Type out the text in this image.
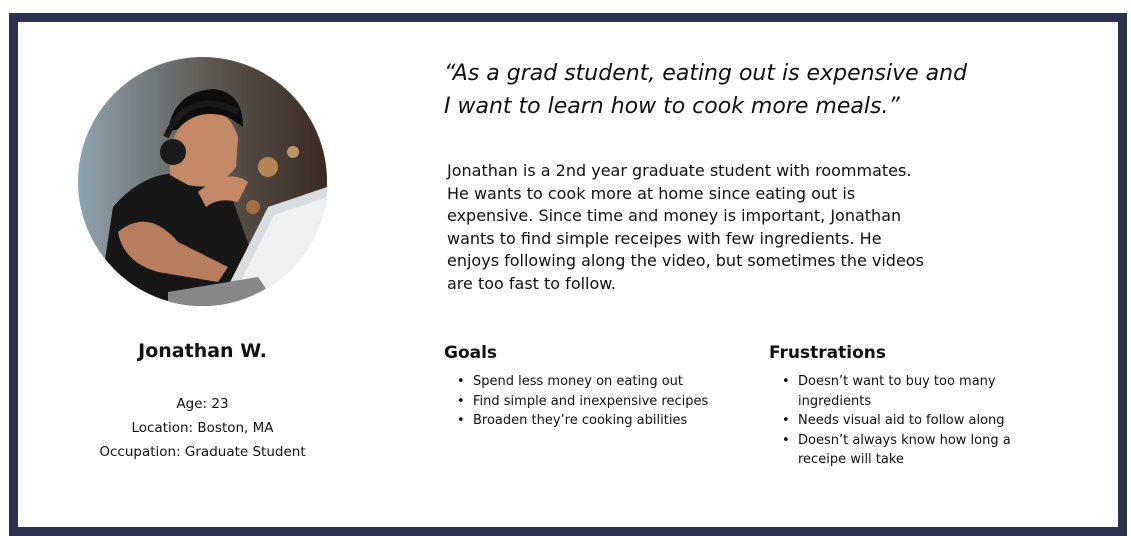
Jonathan W.
Age: 23
Location: Boston, MA
Occupation: Graduate Student

“As a grad student, eating out is expensive and
I want to learn how to cook more meals.”

Jonathan is a 2nd year graduate student with roommates.
He wants to cook more at home since eating out is
expensive. Since time and money is important, Jonathan
wants to find simple receipes with few ingredients. He
enjoys following along the video, but sometimes the videos
are too fast to follow.
Goals
• Spend less money on eating out
• Find simple and inexpensive recipes
• Broaden they’re cooking abilities
Frustrations
• Doesn’t want to buy too many ingredients
• Needs visual aid to follow along
• Doesn’t always know how long a receipe will take
